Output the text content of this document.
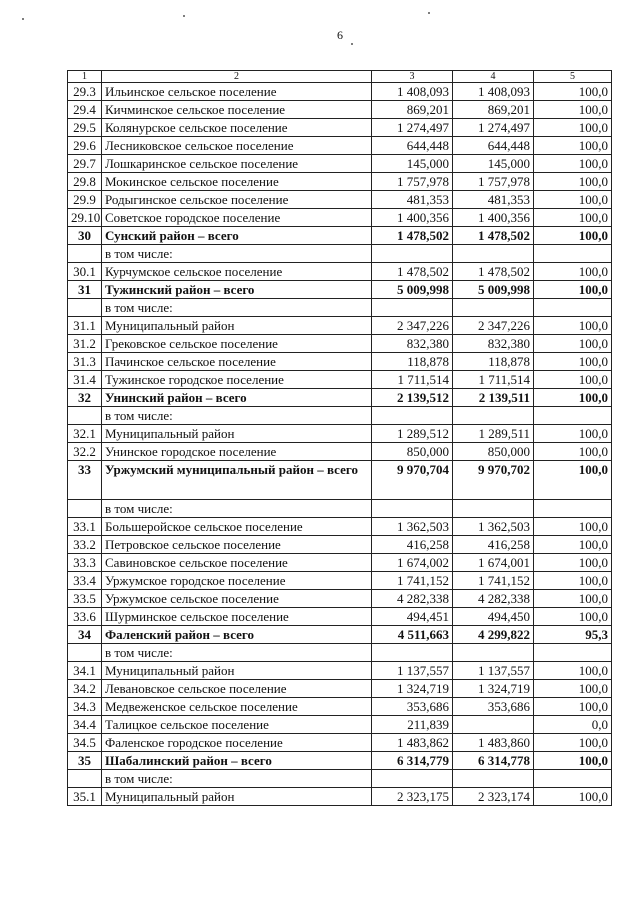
6
1	2	3	4	5
29.3	Ильинское сельское поселение	1 408,093	1 408,093	100,0
29.4	Кичминское сельское поселение	869,201	869,201	100,0
29.5	Колянурское сельское поселение	1 274,497	1 274,497	100,0
29.6	Лесниковское сельское поселение	644,448	644,448	100,0
29.7	Лошкаринское сельское поселение	145,000	145,000	100,0
29.8	Мокинское сельское поселение	1 757,978	1 757,978	100,0
29.9	Родыгинское сельское поселение	481,353	481,353	100,0
29.10	Советское городское поселение	1 400,356	1 400,356	100,0
30	Сунский район – всего	1 478,502	1 478,502	100,0
	в том числе:			
30.1	Курчумское сельское поселение	1 478,502	1 478,502	100,0
31	Тужинский район – всего	5 009,998	5 009,998	100,0
	в том числе:			
31.1	Муниципальный район	2 347,226	2 347,226	100,0
31.2	Грековское сельское поселение	832,380	832,380	100,0
31.3	Пачинское сельское поселение	118,878	118,878	100,0
31.4	Тужинское городское поселение	1 711,514	1 711,514	100,0
32	Унинский район – всего	2 139,512	2 139,511	100,0
	в том числе:			
32.1	Муниципальный район	1 289,512	1 289,511	100,0
32.2	Унинское городское поселение	850,000	850,000	100,0
33	Уржумский муниципальный район – всего	9 970,704	9 970,702	100,0
	в том числе:			
33.1	Большеройское сельское поселение	1 362,503	1 362,503	100,0
33.2	Петровское сельское поселение	416,258	416,258	100,0
33.3	Савиновское сельское поселение	1 674,002	1 674,001	100,0
33.4	Уржумское городское поселение	1 741,152	1 741,152	100,0
33.5	Уржумское сельское поселение	4 282,338	4 282,338	100,0
33.6	Шурминское сельское поселение	494,451	494,450	100,0
34	Фаленский район – всего	4 511,663	4 299,822	95,3
	в том числе:			
34.1	Муниципальный район	1 137,557	1 137,557	100,0
34.2	Левановское сельское поселение	1 324,719	1 324,719	100,0
34.3	Медвеженское сельское поселение	353,686	353,686	100,0
34.4	Талицкое сельское поселение	211,839		0,0
34.5	Фаленское городское поселение	1 483,862	1 483,860	100,0
35	Шабалинский район – всего	6 314,779	6 314,778	100,0
	в том числе:			
35.1	Муниципальный район	2 323,175	2 323,174	100,0
